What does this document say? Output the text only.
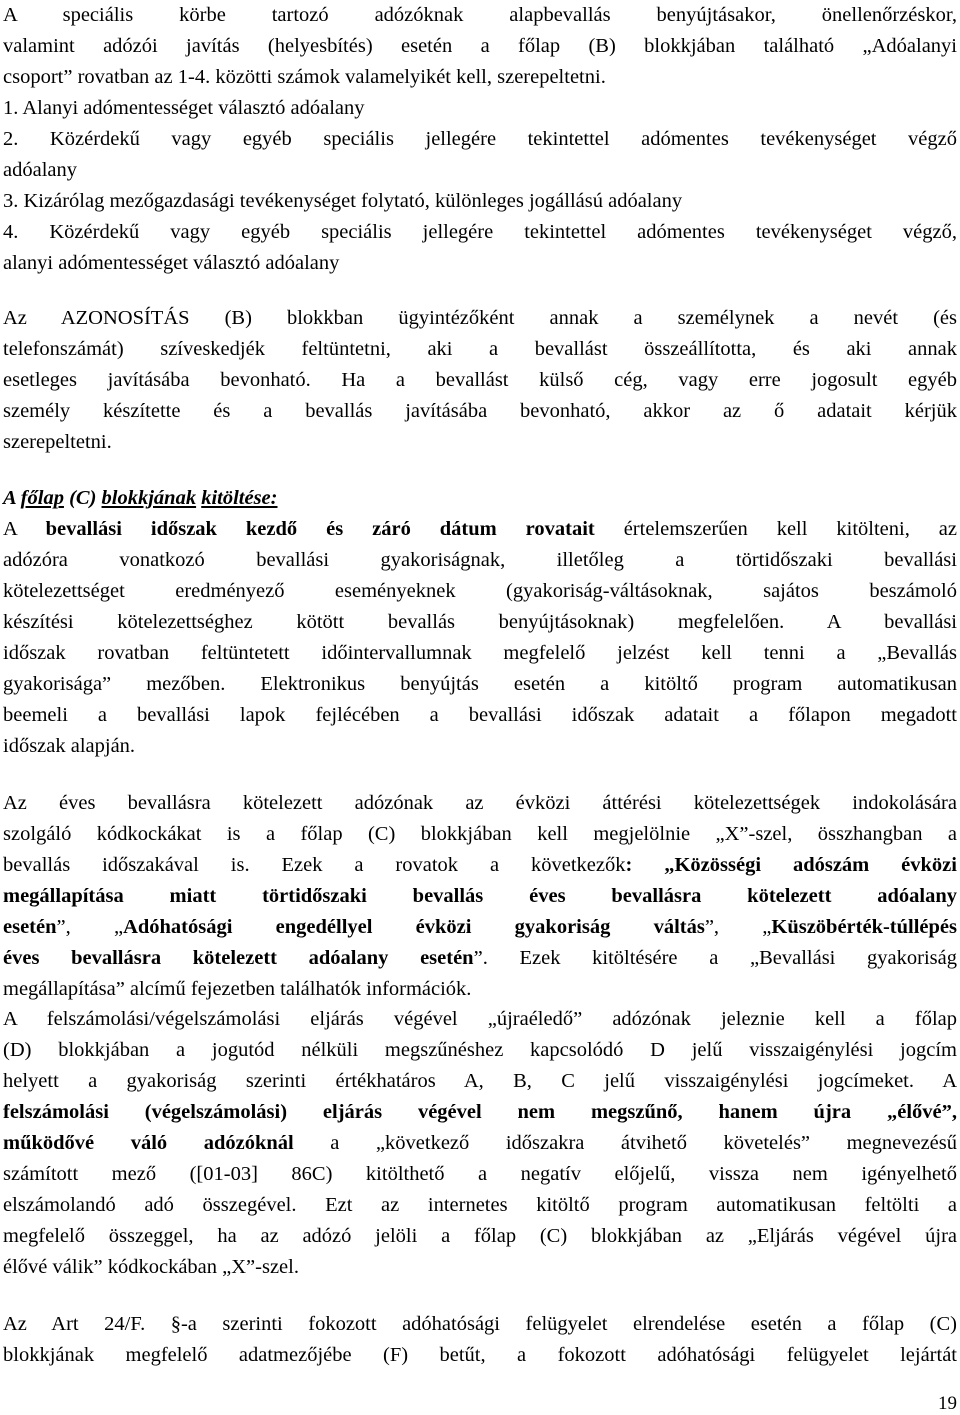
A speciális körbe tartozó adózóknak alapbevallás benyújtásakor, önellenőrzéskor,
valamint adózói javítás (helyesbítés) esetén a főlap (B) blokkjában található „Adóalanyi
csoport” rovatban az 1-4. közötti számok valamelyikét kell, szerepeltetni.
1. Alanyi adómentességet választó adóalany
2. Közérdekű vagy egyéb speciális jellegére tekintettel adómentes tevékenységet végző
adóalany
3. Kizárólag mezőgazdasági tevékenységet folytató, különleges jogállású adóalany
4. Közérdekű vagy egyéb speciális jellegére tekintettel adómentes tevékenységet végző,
alanyi adómentességet választó adóalany
Az AZONOSÍTÁS (B) blokkban ügyintézőként annak a személynek a nevét (és
telefonszámát) szíveskedjék feltüntetni, aki a bevallást összeállította, és aki annak
esetleges javításába bevonható. Ha a bevallást külső cég, vagy erre jogosult egyéb
személy készítette és a bevallás javításába bevonható, akkor az ő adatait kérjük
szerepeltetni.
A főlap (C) blokkjának kitöltése:
A bevallási időszak kezdő és záró dátum rovatait értelemszerűen kell kitölteni, az
adózóra vonatkozó bevallási gyakoriságnak, illetőleg a törtidőszaki bevallási
kötelezettséget eredményező eseményeknek (gyakoriság-váltásoknak, sajátos beszámoló
készítési kötelezettséghez kötött bevallás benyújtásoknak) megfelelően. A bevallási
időszak rovatban feltüntetett időintervallumnak megfelelő jelzést kell tenni a „Bevallás
gyakorisága” mezőben. Elektronikus benyújtás esetén a kitöltő program automatikusan
beemeli a bevallási lapok fejlécében a bevallási időszak adatait a főlapon megadott
időszak alapján.
Az éves bevallásra kötelezett adózónak az évközi áttérési kötelezettségek indokolására
szolgáló kódkockákat is a főlap (C) blokkjában kell megjelölnie „X”-szel, összhangban a
bevallás időszakával is. Ezek a rovatok a következők: „Közösségi adószám évközi
megállapítása miatt törtidőszaki bevallás éves bevallásra kötelezett adóalany
esetén”, „Adóhatósági engedéllyel évközi gyakoriság váltás”, „Küszöbérték-túllépés
éves bevallásra kötelezett adóalany esetén”. Ezek kitöltésére a „Bevallási gyakoriság
megállapítása” alcímű fejezetben találhatók információk.
A felszámolási/végelszámolási eljárás végével „újraéledő” adózónak jeleznie kell a főlap
(D) blokkjában a jogutód nélküli megszűnéshez kapcsolódó D jelű visszaigénylési jogcím
helyett a gyakoriság szerinti értékhatáros A, B, C jelű visszaigénylési jogcímeket. A
felszámolási (végelszámolási) eljárás végével nem megszűnő, hanem újra „élővé”,
működővé váló adózóknál a „következő időszakra átvihető követelés” megnevezésű
számított mező ([01-03] 86C) kitölthető a negatív előjelű, vissza nem igényelhető
elszámolandó adó összegével. Ezt az internetes kitöltő program automatikusan feltölti a
megfelelő összeggel, ha az adózó jelöli a főlap (C) blokkjában az „Eljárás végével újra
élővé válik” kódkockában „X”-szel.
Az Art 24/F. §-a szerinti fokozott adóhatósági felügyelet elrendelése esetén a főlap (C)
blokkjának megfelelő adatmezőjébe (F) betűt, a fokozott adóhatósági felügyelet lejártát
19
